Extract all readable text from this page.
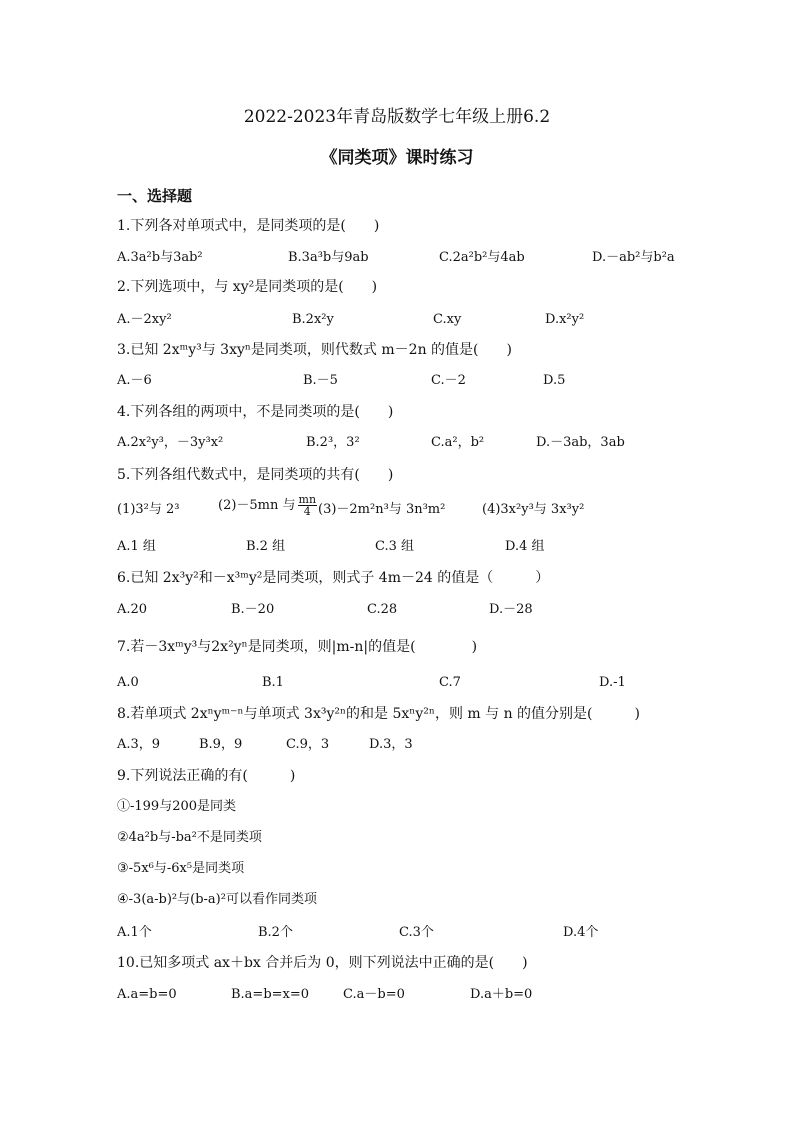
2022-2023年青岛版数学七年级上册6.2
《同类项》课时练习
一、选择题
1.下列各对单项式中，是同类项的是(　　)
A.3a²b与3ab²	B.3a³b与9ab	C.2a²b²与4ab	D.－ab²与b²a
2.下列选项中，与 xy²是同类项的是(　　)
A.－2xy²	B.2x²y	C.xy	D.x²y²
3.已知 2xᵐy³与 3xyⁿ是同类项，则代数式 m－2n 的值是(　　)
A.－6	B.－5	C.－2	D.5
4.下列各组的两项中，不是同类项的是(　　)
A.2x²y³，－3y³x²	B.2³，3²	C.a²，b²	D.－3ab，3ab
5.下列各组代数式中，是同类项的共有(　　)
(1)3²与 2³	(2)－5mn 与 $\frac{mn}{4} (3)-2m^2n^3$与 3n³m²	(4)3x²y³与 3x³y²
A.1 组	B.2 组	C.3 组	D.4 组
6.已知 2x³y²和－x³ᵐy²是同类项，则式子 4m－24 的值是（　　　）
A.20	B.－20	C.28	D.－28
7.若－3xᵐy³与2x²yⁿ是同类项，则|m-n|的值是(　　　　)
A.0	B.1	C.7	D.-1
8.若单项式 2xⁿyᵐ⁻ⁿ与单项式 3x³y²ⁿ的和是 5xⁿy²ⁿ，则 m 与 n 的值分别是(　　　)
A.3，9	B.9，9	C.9，3	D.3，3
9.下列说法正确的有(　　　)
①-199与200是同类
②4a²b与-ba²不是同类项
③-5x⁶与-6x⁵是同类项
④-3(a-b)²与(b-a)²可以看作同类项
A.1个	B.2个	C.3个	D.4个
10.已知多项式 ax＋bx 合并后为 0，则下列说法中正确的是(　　)
A.a=b=0	B.a=b=x=0	C.a－b=0	D.a＋b=0
